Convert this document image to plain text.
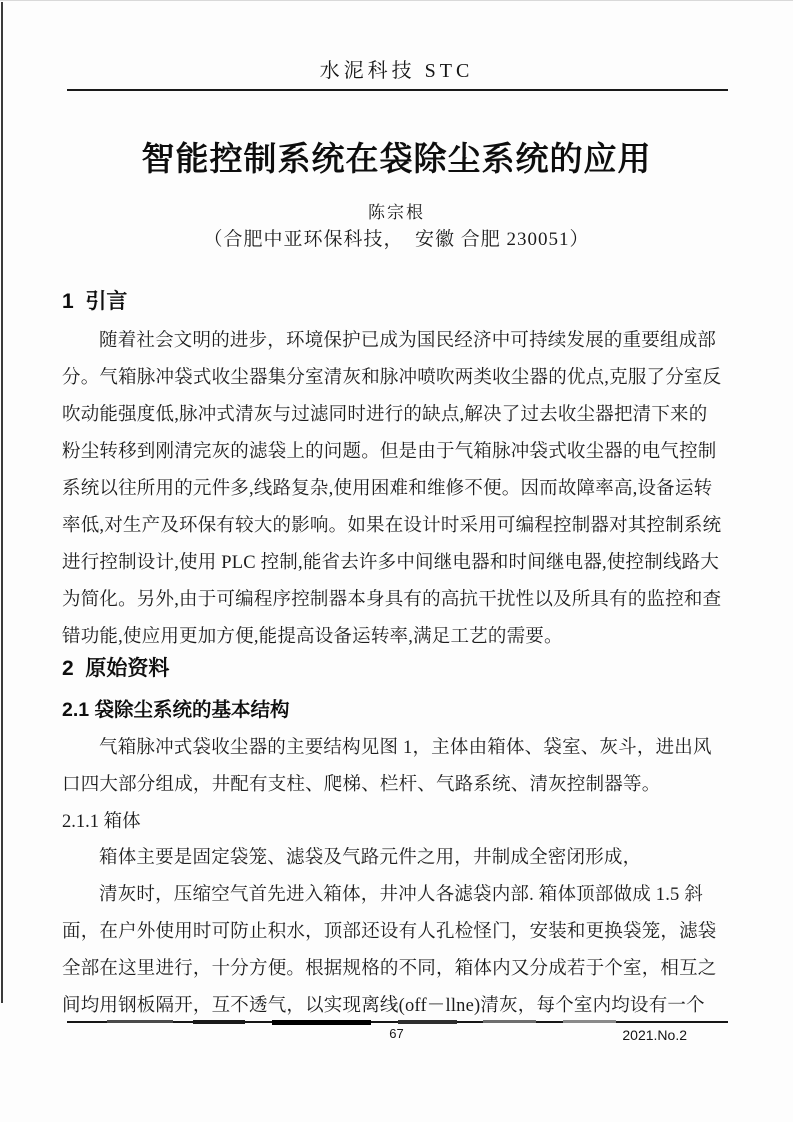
水泥科技 STC
智能控制系统在袋除尘系统的应用
陈宗根
（合肥中亚环保科技，  安徽 合肥 230051）
1  引言
随着社会文明的进步，环境保护已成为国民经济中可持续发展的重要组成部
分。气箱脉冲袋式收尘器集分室清灰和脉冲喷吹两类收尘器的优点,克服了分室反
吹动能强度低,脉冲式清灰与过滤同时进行的缺点,解决了过去收尘器把清下来的
粉尘转移到刚清完灰的滤袋上的问题。但是由于气箱脉冲袋式收尘器的电气控制
系统以往所用的元件多,线路复杂,使用困难和维修不便。因而故障率高,设备运转
率低,对生产及环保有较大的影响。如果在设计时采用可编程控制器对其控制系统
进行控制设计,使用 PLC 控制,能省去许多中间继电器和时间继电器,使控制线路大
为简化。另外,由于可编程序控制器本身具有的高抗干扰性以及所具有的监控和查
错功能,使应用更加方便,能提高设备运转率,满足工艺的需要。
2  原始资料
2.1 袋除尘系统的基本结构
气箱脉冲式袋收尘器的主要结构见图 1，主体由箱体、袋室、灰斗，进出风
口四大部分组成，井配有支柱、爬梯、栏杆、气路系统、清灰控制器等。
2.1.1 箱体
箱体主要是固定袋笼、滤袋及气路元件之用，井制成全密闭形成，
清灰时，压缩空气首先进入箱体，井冲人各滤袋内部. 箱体顶部做成 1.5 斜
面，在户外使用时可防止积水，顶部还设有人孔检怪门，安装和更换袋笼，滤袋
全部在这里进行，十分方便。根据规格的不同，箱体内又分成若于个室，相互之
间均用钢板隔开，互不透气，以实现离线(off－llne)清灰，每个室内均设有一个
67	2021.No.2
